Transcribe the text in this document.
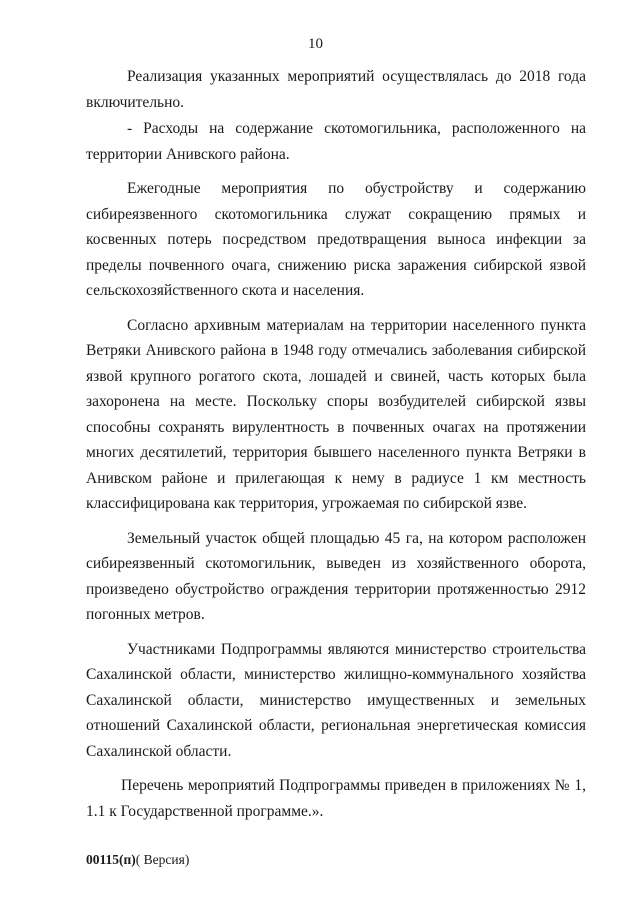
10

Реализация указанных мероприятий осуществлялась до 2018 года включительно.

- Расходы на содержание скотомогильника, расположенного на территории Анивского района.

Ежегодные мероприятия по обустройству и содержанию сибиреязвенного скотомогильника служат сокращению прямых и косвенных потерь посредством предотвращения выноса инфекции за пределы почвенного очага, снижению риска заражения сибирской язвой сельскохозяйственного скота и населения.

Согласно архивным материалам на территории населенного пункта Ветряки Анивского района в 1948 году отмечались заболевания сибирской язвой крупного рогатого скота, лошадей и свиней, часть которых была захоронена на месте. Поскольку споры возбудителей сибирской язвы способны сохранять вирулентность в почвенных очагах на протяжении многих десятилетий, территория бывшего населенного пункта Ветряки в Анивском районе и прилегающая к нему в радиусе 1 км местность классифицирована как территория, угрожаемая по сибирской язве.

Земельный участок общей площадью 45 га, на котором расположен сибиреязвенный скотомогильник, выведен из хозяйственного оборота, произведено обустройство ограждения территории протяженностью 2912 погонных метров.

Участниками Подпрограммы являются министерство строительства Сахалинской области, министерство жилищно-коммунального хозяйства Сахалинской области, министерство имущественных и земельных отношений Сахалинской области, региональная энергетическая комиссия Сахалинской области.

Перечень мероприятий Подпрограммы приведен в приложениях № 1, 1.1 к Государственной программе.».

00115(п)( Версия)
